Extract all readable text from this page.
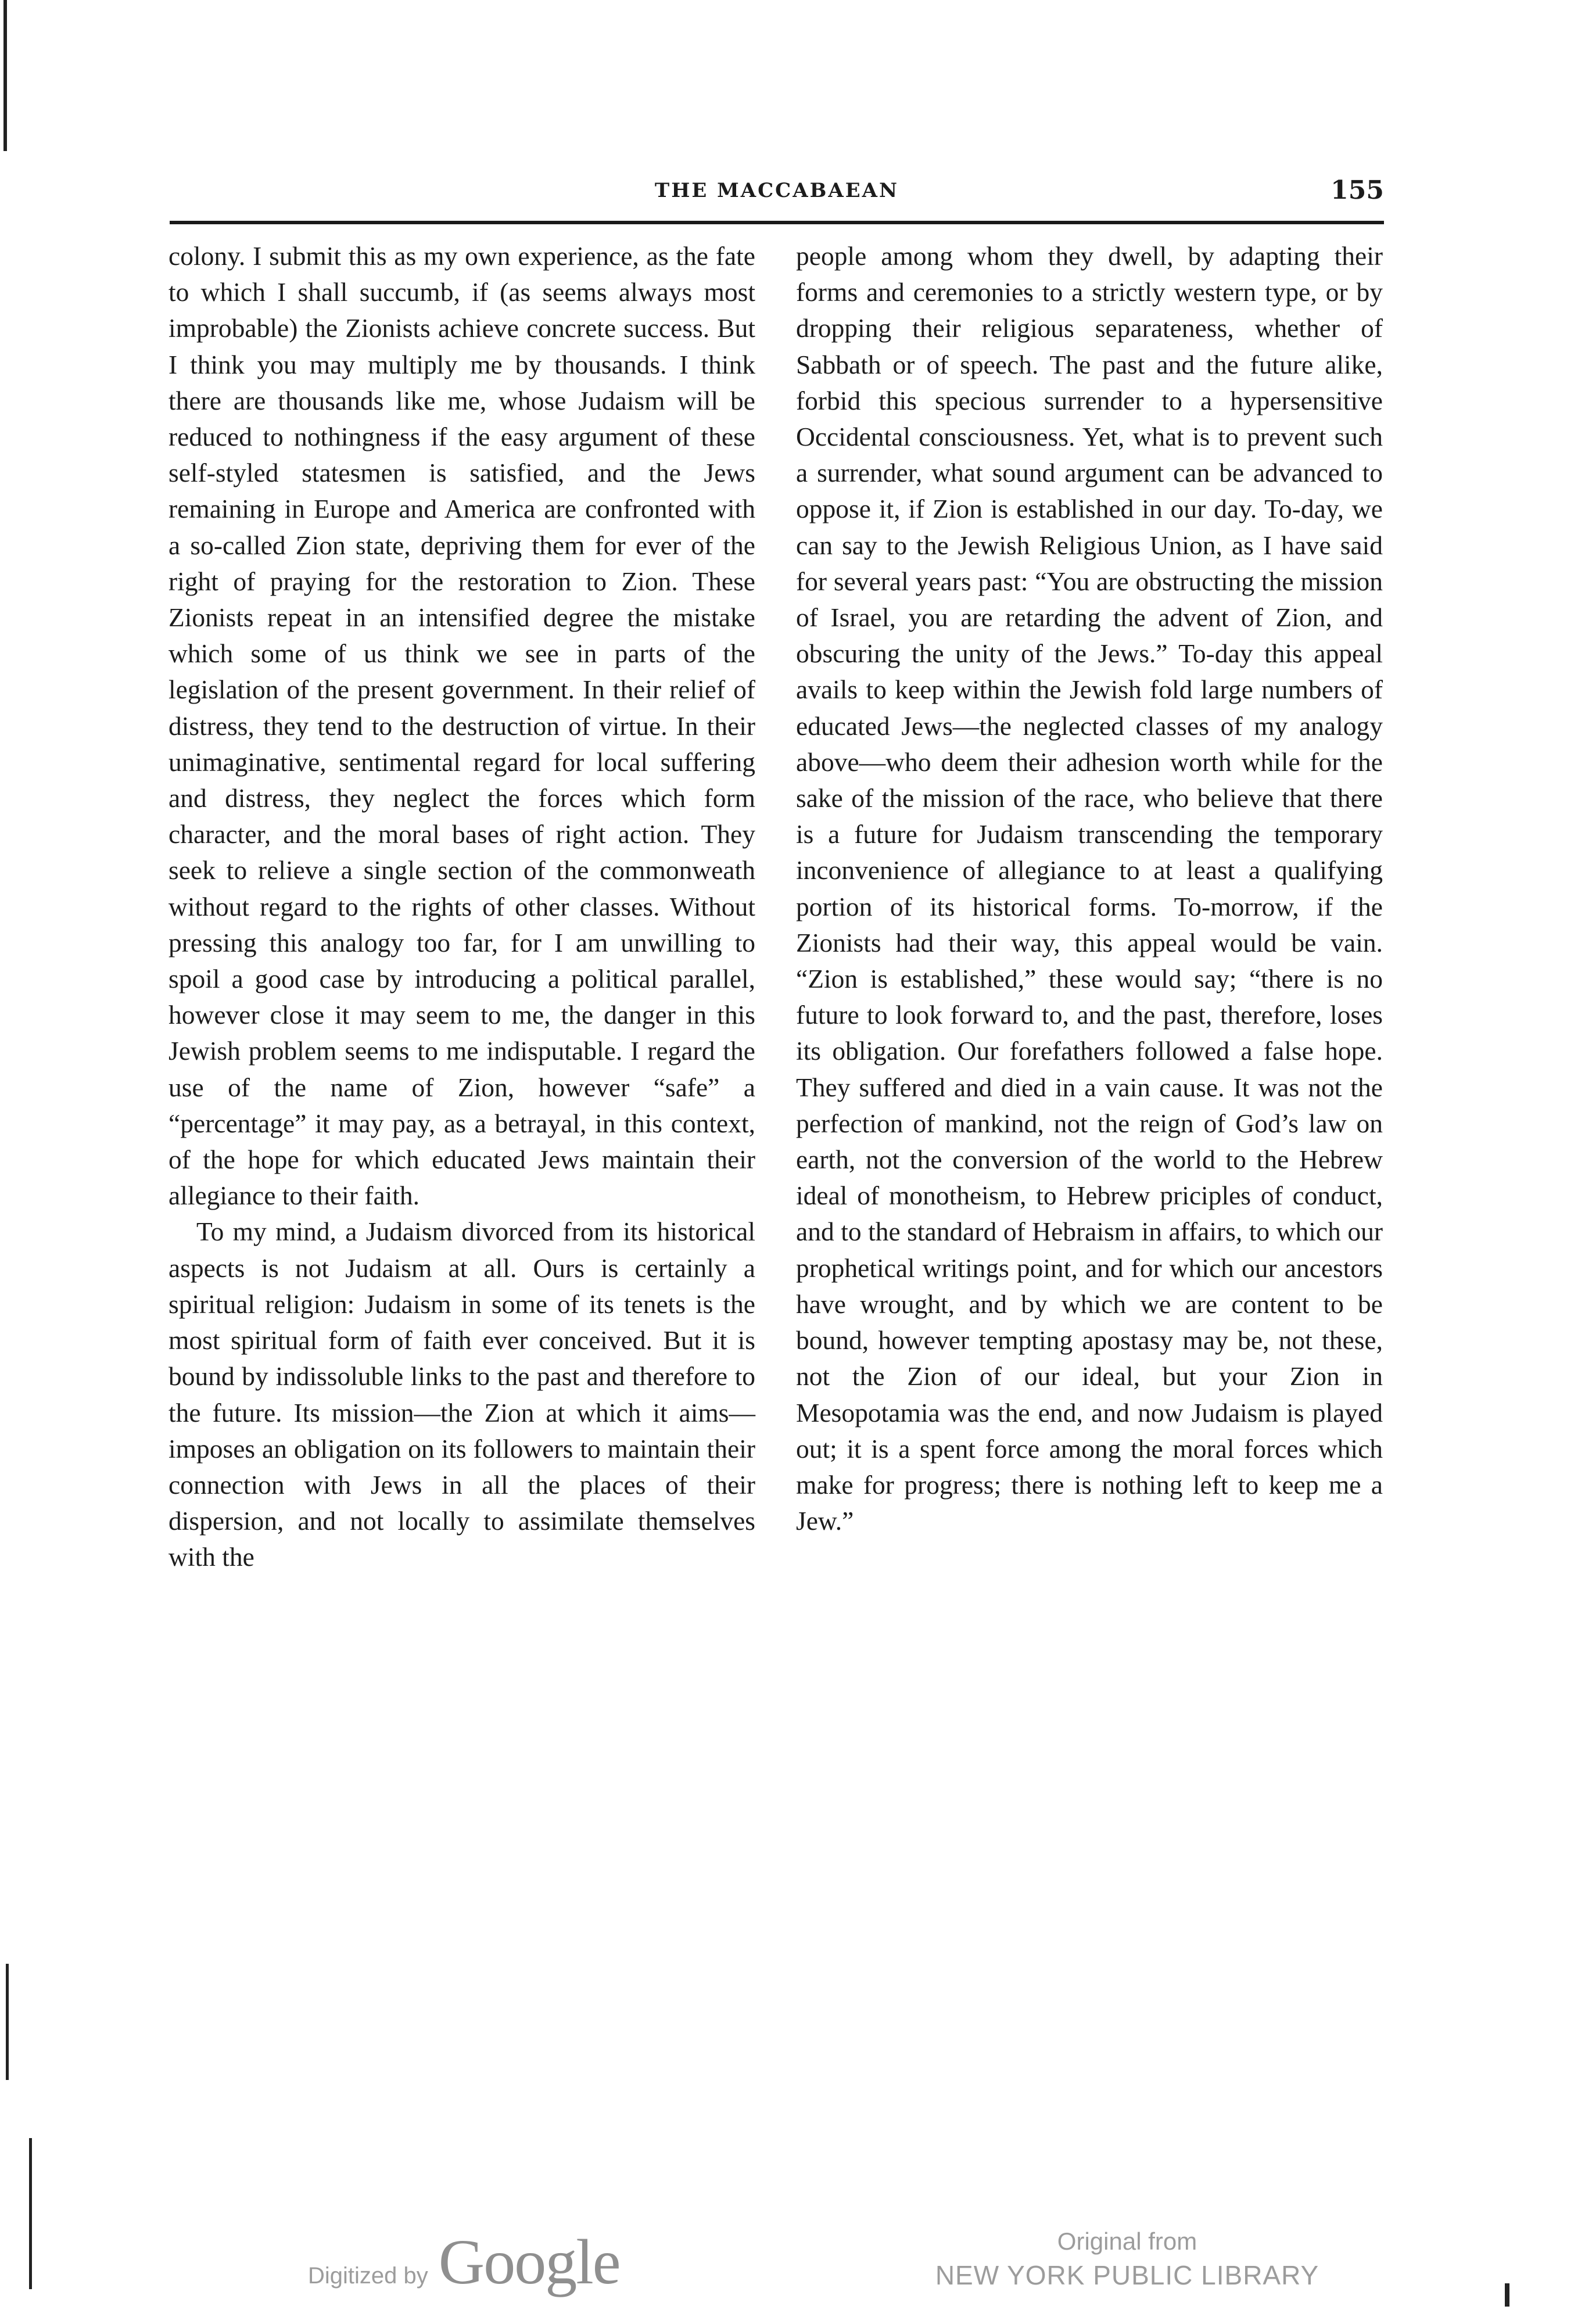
THE MACCABAEAN	155

colony. I submit this as my own experience, as the fate to which I shall succumb, if (as seems always most improbable) the Zionists achieve concrete success. But I think you may multiply me by thousands. I think there are thousands like me, whose Judaism will be reduced to nothingness if the easy argument of these self-styled statesmen is satisfied, and the Jews remaining in Europe and America are confronted with a so-called Zion state, depriving them for ever of the right of praying for the restoration to Zion. These Zionists repeat in an intensified degree the mistake which some of us think we see in parts of the legislation of the present government. In their relief of distress, they tend to the destruction of virtue. In their unimaginative, sentimental regard for local suffering and distress, they neglect the forces which form character, and the moral bases of right action. They seek to relieve a single section of the commonweath without regard to the rights of other classes. Without pressing this analogy too far, for I am unwilling to spoil a good case by introducing a political parallel, however close it may seem to me, the danger in this Jewish problem seems to me indisputable. I regard the use of the name of Zion, however “safe” a “percentage” it may pay, as a betrayal, in this context, of the hope for which educated Jews maintain their allegiance to their faith.

To my mind, a Judaism divorced from its historical aspects is not Judaism at all. Ours is certainly a spiritual religion: Judaism in some of its tenets is the most spiritual form of faith ever conceived. But it is bound by indissoluble links to the past and therefore to the future. Its mission—the Zion at which it aims—imposes an obligation on its followers to maintain their connection with Jews in all the places of their dispersion, and not locally to assimilate themselves with the

people among whom they dwell, by adapting their forms and ceremonies to a strictly western type, or by dropping their religious separateness, whether of Sabbath or of speech. The past and the future alike, forbid this specious surrender to a hypersensitive Occidental consciousness. Yet, what is to prevent such a surrender, what sound argument can be advanced to oppose it, if Zion is established in our day. To-day, we can say to the Jewish Religious Union, as I have said for several years past: “You are obstructing the mission of Israel, you are retarding the advent of Zion, and obscuring the unity of the Jews.” To-day this appeal avails to keep within the Jewish fold large numbers of educated Jews—the neglected classes of my analogy above—who deem their adhesion worth while for the sake of the mission of the race, who believe that there is a future for Judaism transcending the temporary inconvenience of allegiance to at least a qualifying portion of its historical forms. To-morrow, if the Zionists had their way, this appeal would be vain. “Zion is established,” these would say; “there is no future to look forward to, and the past, therefore, loses its obligation. Our forefathers followed a false hope. They suffered and died in a vain cause. It was not the perfection of mankind, not the reign of God’s law on earth, not the conversion of the world to the Hebrew ideal of monotheism, to Hebrew priciples of conduct, and to the standard of Hebraism in affairs, to which our prophetical writings point, and for which our ancestors have wrought, and by which we are content to be bound, however tempting apostasy may be, not these, not the Zion of our ideal, but your Zion in Mesopotamia was the end, and now Judaism is played out; it is a spent force among the moral forces which make for progress; there is nothing left to keep me a Jew.”

Digitized by Google	Original from
NEW YORK PUBLIC LIBRARY
